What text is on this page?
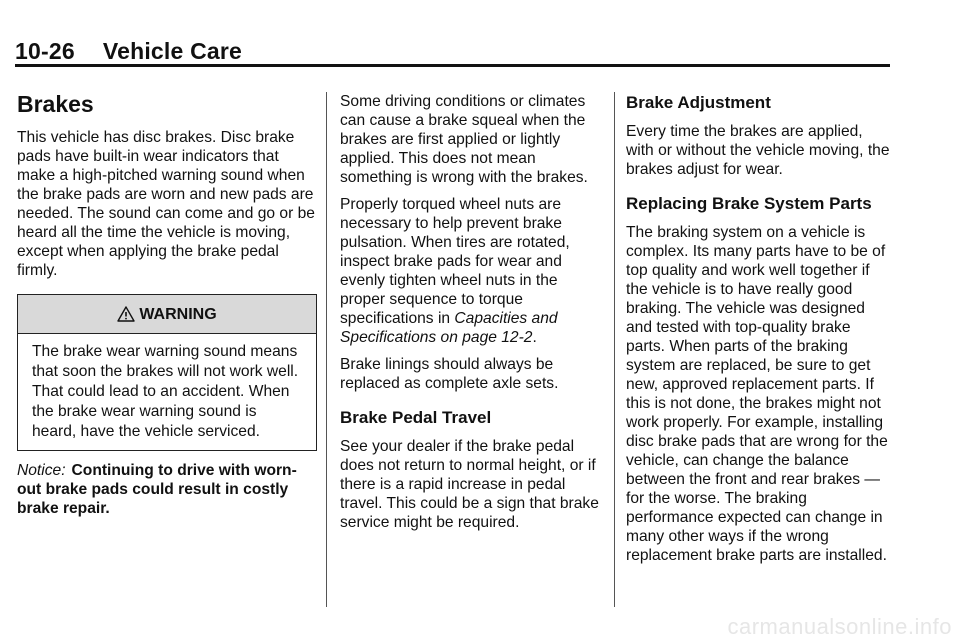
10-26 Vehicle Care
Brakes

This vehicle has disc brakes. Disc brake pads have built-in wear indicators that make a high-pitched warning sound when the brake pads are worn and new pads are needed. The sound can come and go or be heard all the time the vehicle is moving, except when applying the brake pedal firmly.

WARNING
The brake wear warning sound means that soon the brakes will not work well. That could lead to an accident. When the brake wear warning sound is heard, have the vehicle serviced.

Notice: Continuing to drive with worn-out brake pads could result in costly brake repair.

Some driving conditions or climates can cause a brake squeal when the brakes are first applied or lightly applied. This does not mean something is wrong with the brakes.

Properly torqued wheel nuts are necessary to help prevent brake pulsation. When tires are rotated, inspect brake pads for wear and evenly tighten wheel nuts in the proper sequence to torque specifications in Capacities and Specifications on page 12-2.

Brake linings should always be replaced as complete axle sets.

Brake Pedal Travel

See your dealer if the brake pedal does not return to normal height, or if there is a rapid increase in pedal travel. This could be a sign that brake service might be required.

Brake Adjustment

Every time the brakes are applied, with or without the vehicle moving, the brakes adjust for wear.

Replacing Brake System Parts

The braking system on a vehicle is complex. Its many parts have to be of top quality and work well together if the vehicle is to have really good braking. The vehicle was designed and tested with top-quality brake parts. When parts of the braking system are replaced, be sure to get new, approved replacement parts. If this is not done, the brakes might not work properly. For example, installing disc brake pads that are wrong for the vehicle, can change the balance between the front and rear brakes — for the worse. The braking performance expected can change in many other ways if the wrong replacement brake parts are installed.

carmanualsonline.info
